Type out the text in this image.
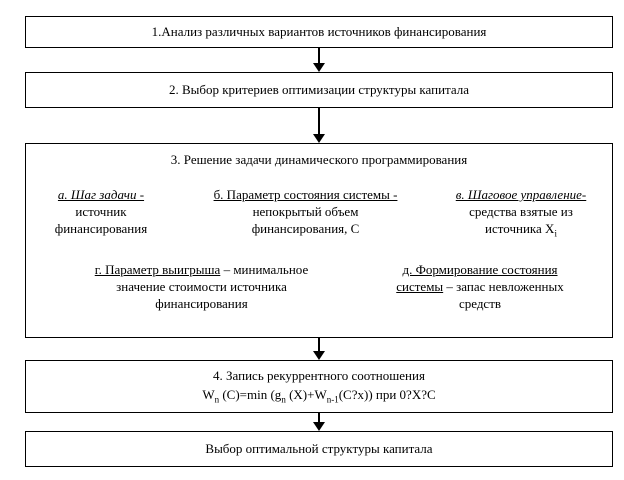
1.Анализ различных вариантов источников финансирования
2. Выбор критериев оптимизации структуры капитала
3. Решение задачи динамического программирования
а. Шаг задачи -
источник
финансирования
б. Параметр состояния системы -
непокрытый объем
финансирования, С
в. Шаговое управление-
средства взятые из
источника $X_i$
г. Параметр выигрыша – минимальное
значение стоимости источника
финансирования
д. Формирование состояния
системы – запас невложенных
средств
4. Запись рекуррентного соотношения
$W_n$ (С)=min ($g_n$ $(X)+W_{n-1}(С?x)$) при 0?X?C
Выбор оптимальной структуры капитала
